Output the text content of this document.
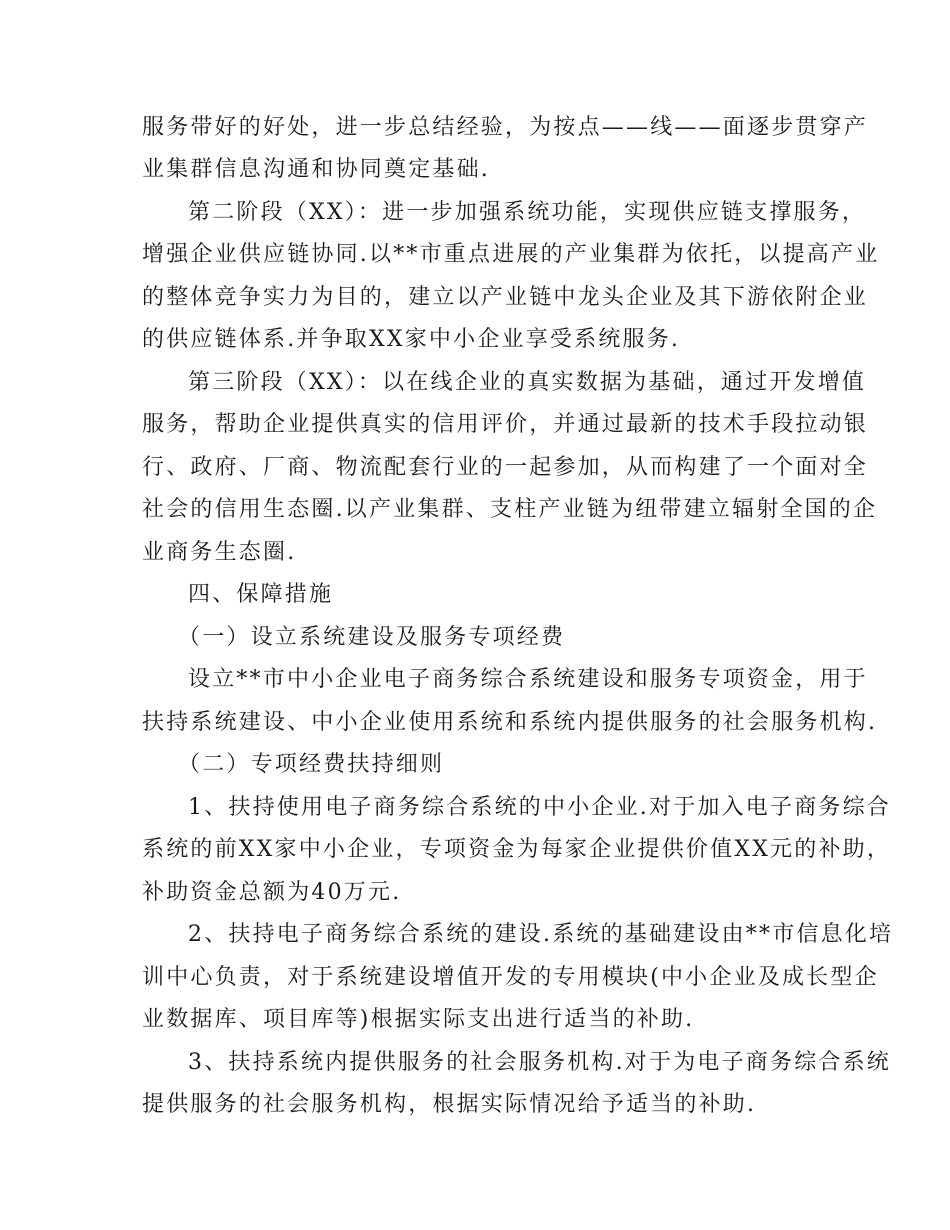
服务带好的好处，进一步总结经验，为按点——线——面逐步贯穿产
业集群信息沟通和协同奠定基础.
第二阶段（XX）：进一步加强系统功能，实现供应链支撑服务，
增强企业供应链协同.以**市重点进展的产业集群为依托，以提高产业
的整体竞争实力为目的，建立以产业链中龙头企业及其下游依附企业
的供应链体系.并争取XX家中小企业享受系统服务.
第三阶段（XX）：以在线企业的真实数据为基础，通过开发增值
服务，帮助企业提供真实的信用评价，并通过最新的技术手段拉动银
行、政府、厂商、物流配套行业的一起参加，从而构建了一个面对全
社会的信用生态圈.以产业集群、支柱产业链为纽带建立辐射全国的企
业商务生态圈.
四、保障措施
（一）设立系统建设及服务专项经费
设立**市中小企业电子商务综合系统建设和服务专项资金，用于
扶持系统建设、中小企业使用系统和系统内提供服务的社会服务机构.
（二）专项经费扶持细则
1、扶持使用电子商务综合系统的中小企业.对于加入电子商务综合
系统的前XX家中小企业，专项资金为每家企业提供价值XX元的补助，
补助资金总额为40万元.
2、扶持电子商务综合系统的建设.系统的基础建设由**市信息化培
训中心负责，对于系统建设增值开发的专用模块(中小企业及成长型企
业数据库、项目库等)根据实际支出进行适当的补助.
3、扶持系统内提供服务的社会服务机构.对于为电子商务综合系统
提供服务的社会服务机构，根据实际情况给予适当的补助.
